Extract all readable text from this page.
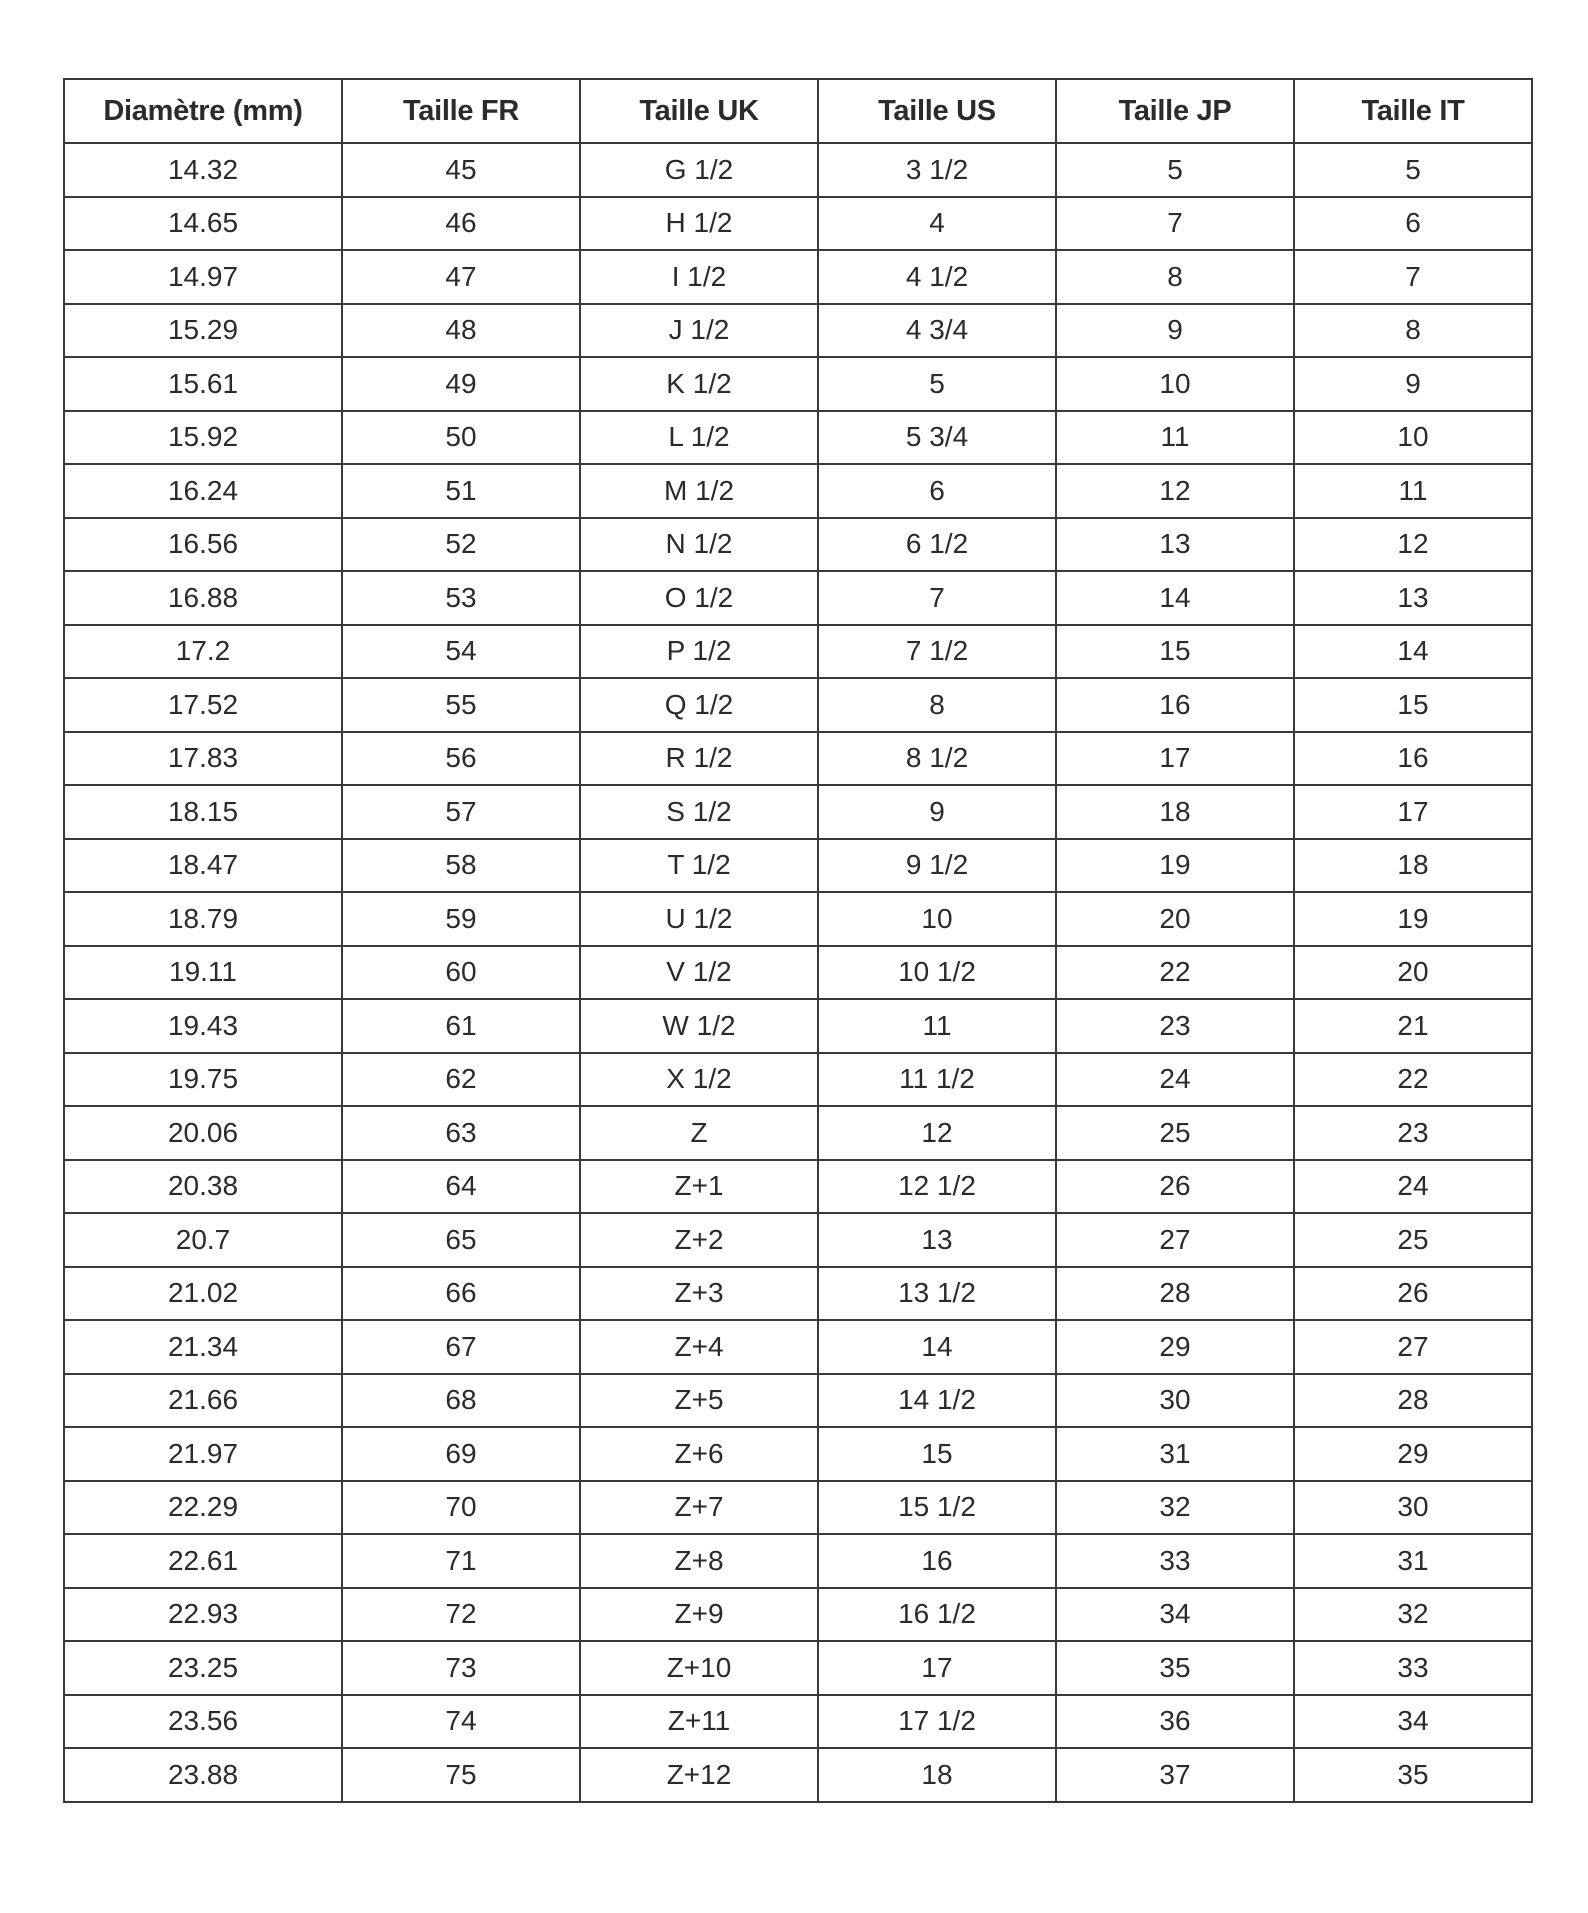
Diamètre (mm)	Taille FR	Taille UK	Taille US	Taille JP	Taille IT
14.32	45	G 1/2	3 1/2	5	5
14.65	46	H 1/2	4	7	6
14.97	47	I 1/2	4 1/2	8	7
15.29	48	J 1/2	4 3/4	9	8
15.61	49	K 1/2	5	10	9
15.92	50	L 1/2	5 3/4	11	10
16.24	51	M 1/2	6	12	11
16.56	52	N 1/2	6 1/2	13	12
16.88	53	O 1/2	7	14	13
17.2	54	P 1/2	7 1/2	15	14
17.52	55	Q 1/2	8	16	15
17.83	56	R 1/2	8 1/2	17	16
18.15	57	S 1/2	9	18	17
18.47	58	T 1/2	9 1/2	19	18
18.79	59	U 1/2	10	20	19
19.11	60	V 1/2	10 1/2	22	20
19.43	61	W 1/2	11	23	21
19.75	62	X 1/2	11 1/2	24	22
20.06	63	Z	12	25	23
20.38	64	Z+1	12 1/2	26	24
20.7	65	Z+2	13	27	25
21.02	66	Z+3	13 1/2	28	26
21.34	67	Z+4	14	29	27
21.66	68	Z+5	14 1/2	30	28
21.97	69	Z+6	15	31	29
22.29	70	Z+7	15 1/2	32	30
22.61	71	Z+8	16	33	31
22.93	72	Z+9	16 1/2	34	32
23.25	73	Z+10	17	35	33
23.56	74	Z+11	17 1/2	36	34
23.88	75	Z+12	18	37	35
